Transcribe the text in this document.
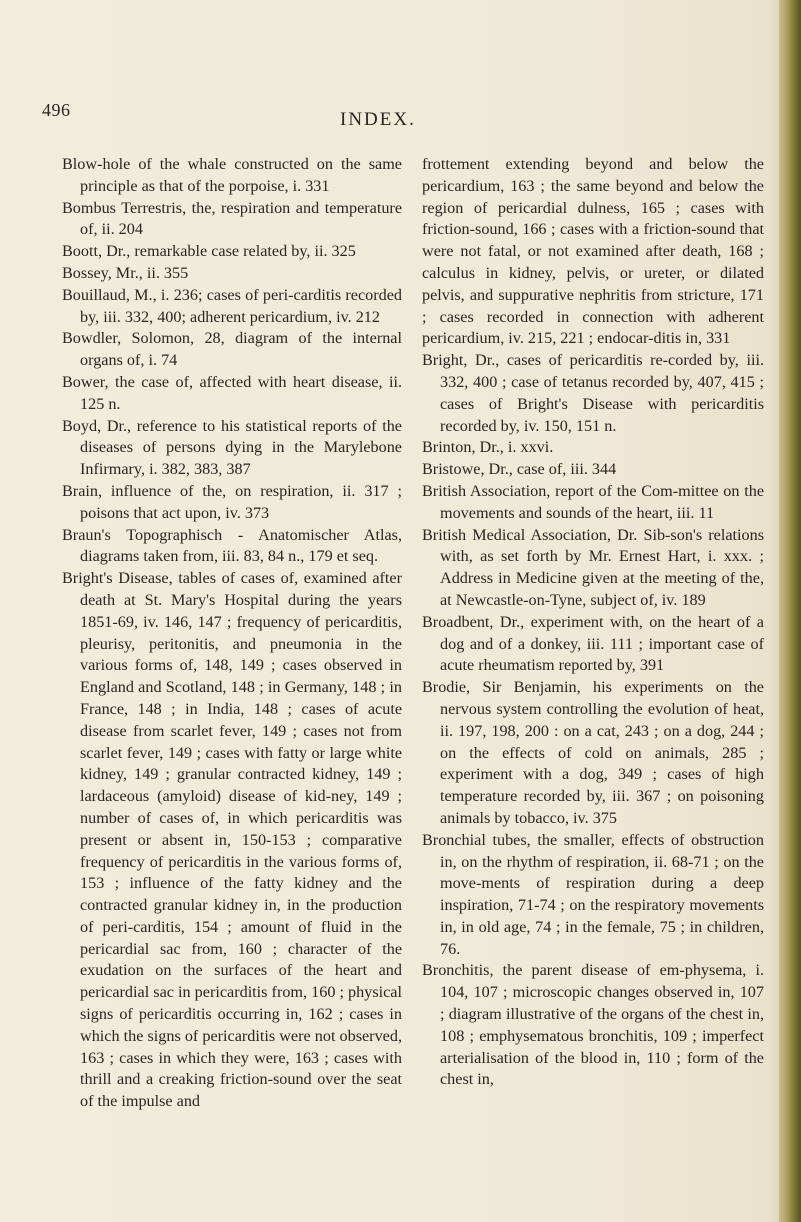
496	INDEX.

Blow-hole of the whale constructed on the same principle as that of the porpoise, i. 331

Bombus Terrestris, the, respiration and temperature of, ii. 204

Boott, Dr., remarkable case related by, ii. 325

Bossey, Mr., ii. 355

Bouillaud, M., i. 236; cases of peri-carditis recorded by, iii. 332, 400; adherent pericardium, iv. 212

Bowdler, Solomon, 28, diagram of the internal organs of, i. 74

Bower, the case of, affected with heart disease, ii. 125 n.

Boyd, Dr., reference to his statistical reports of the diseases of persons dying in the Marylebone Infirmary, i. 382, 383, 387

Brain, influence of the, on respiration, ii. 317 ; poisons that act upon, iv. 373

Braun's Topographisch - Anatomischer Atlas, diagrams taken from, iii. 83, 84 n., 179 et seq.

Bright's Disease, tables of cases of, examined after death at St. Mary's Hospital during the years 1851-69, iv. 146, 147 ; frequency of pericarditis, pleurisy, peritonitis, and pneumonia in the various forms of, 148, 149 ; cases observed in England and Scotland, 148 ; in Germany, 148 ; in France, 148 ; in India, 148 ; cases of acute disease from scarlet fever, 149 ; cases not from scarlet fever, 149 ; cases with fatty or large white kidney, 149 ; granular contracted kidney, 149 ; lardaceous (amyloid) disease of kid-ney, 149 ; number of cases of, in which pericarditis was present or absent in, 150-153 ; comparative frequency of pericarditis in the various forms of, 153 ; influence of the fatty kidney and the contracted granular kidney in, in the production of peri-carditis, 154 ; amount of fluid in the pericardial sac from, 160 ; character of the exudation on the surfaces of the heart and pericardial sac in pericarditis from, 160 ; physical signs of pericarditis occurring in, 162 ; cases in which the signs of pericarditis were not observed, 163 ; cases in which they were, 163 ; cases with thrill and a creaking friction-sound over the seat of the impulse and

frottement extending beyond and below the pericardium, 163 ; the same beyond and below the region of pericardial dulness, 165 ; cases with friction-sound, 166 ; cases with a friction-sound that were not fatal, or not examined after death, 168 ; calculus in kidney, pelvis, or ureter, or dilated pelvis, and suppurative nephritis from stricture, 171 ; cases recorded in connection with adherent pericardium, iv. 215, 221 ; endocar-ditis in, 331

Bright, Dr., cases of pericarditis re-corded by, iii. 332, 400 ; case of tetanus recorded by, 407, 415 ; cases of Bright's Disease with pericarditis recorded by, iv. 150, 151 n.

Brinton, Dr., i. xxvi.

Bristowe, Dr., case of, iii. 344

British Association, report of the Com-mittee on the movements and sounds of the heart, iii. 11

British Medical Association, Dr. Sib-son's relations with, as set forth by Mr. Ernest Hart, i. xxx. ; Address in Medicine given at the meeting of the, at Newcastle-on-Tyne, subject of, iv. 189

Broadbent, Dr., experiment with, on the heart of a dog and of a donkey, iii. 111 ; important case of acute rheumatism reported by, 391

Brodie, Sir Benjamin, his experiments on the nervous system controlling the evolution of heat, ii. 197, 198, 200 : on a cat, 243 ; on a dog, 244 ; on the effects of cold on animals, 285 ; experiment with a dog, 349 ; cases of high temperature recorded by, iii. 367 ; on poisoning animals by tobacco, iv. 375

Bronchial tubes, the smaller, effects of obstruction in, on the rhythm of respiration, ii. 68-71 ; on the move-ments of respiration during a deep inspiration, 71-74 ; on the respiratory movements in, in old age, 74 ; in the female, 75 ; in children, 76.

Bronchitis, the parent disease of em-physema, i. 104, 107 ; microscopic changes observed in, 107 ; diagram illustrative of the organs of the chest in, 108 ; emphysematous bronchitis, 109 ; imperfect arterialisation of the blood in, 110 ; form of the chest in,
